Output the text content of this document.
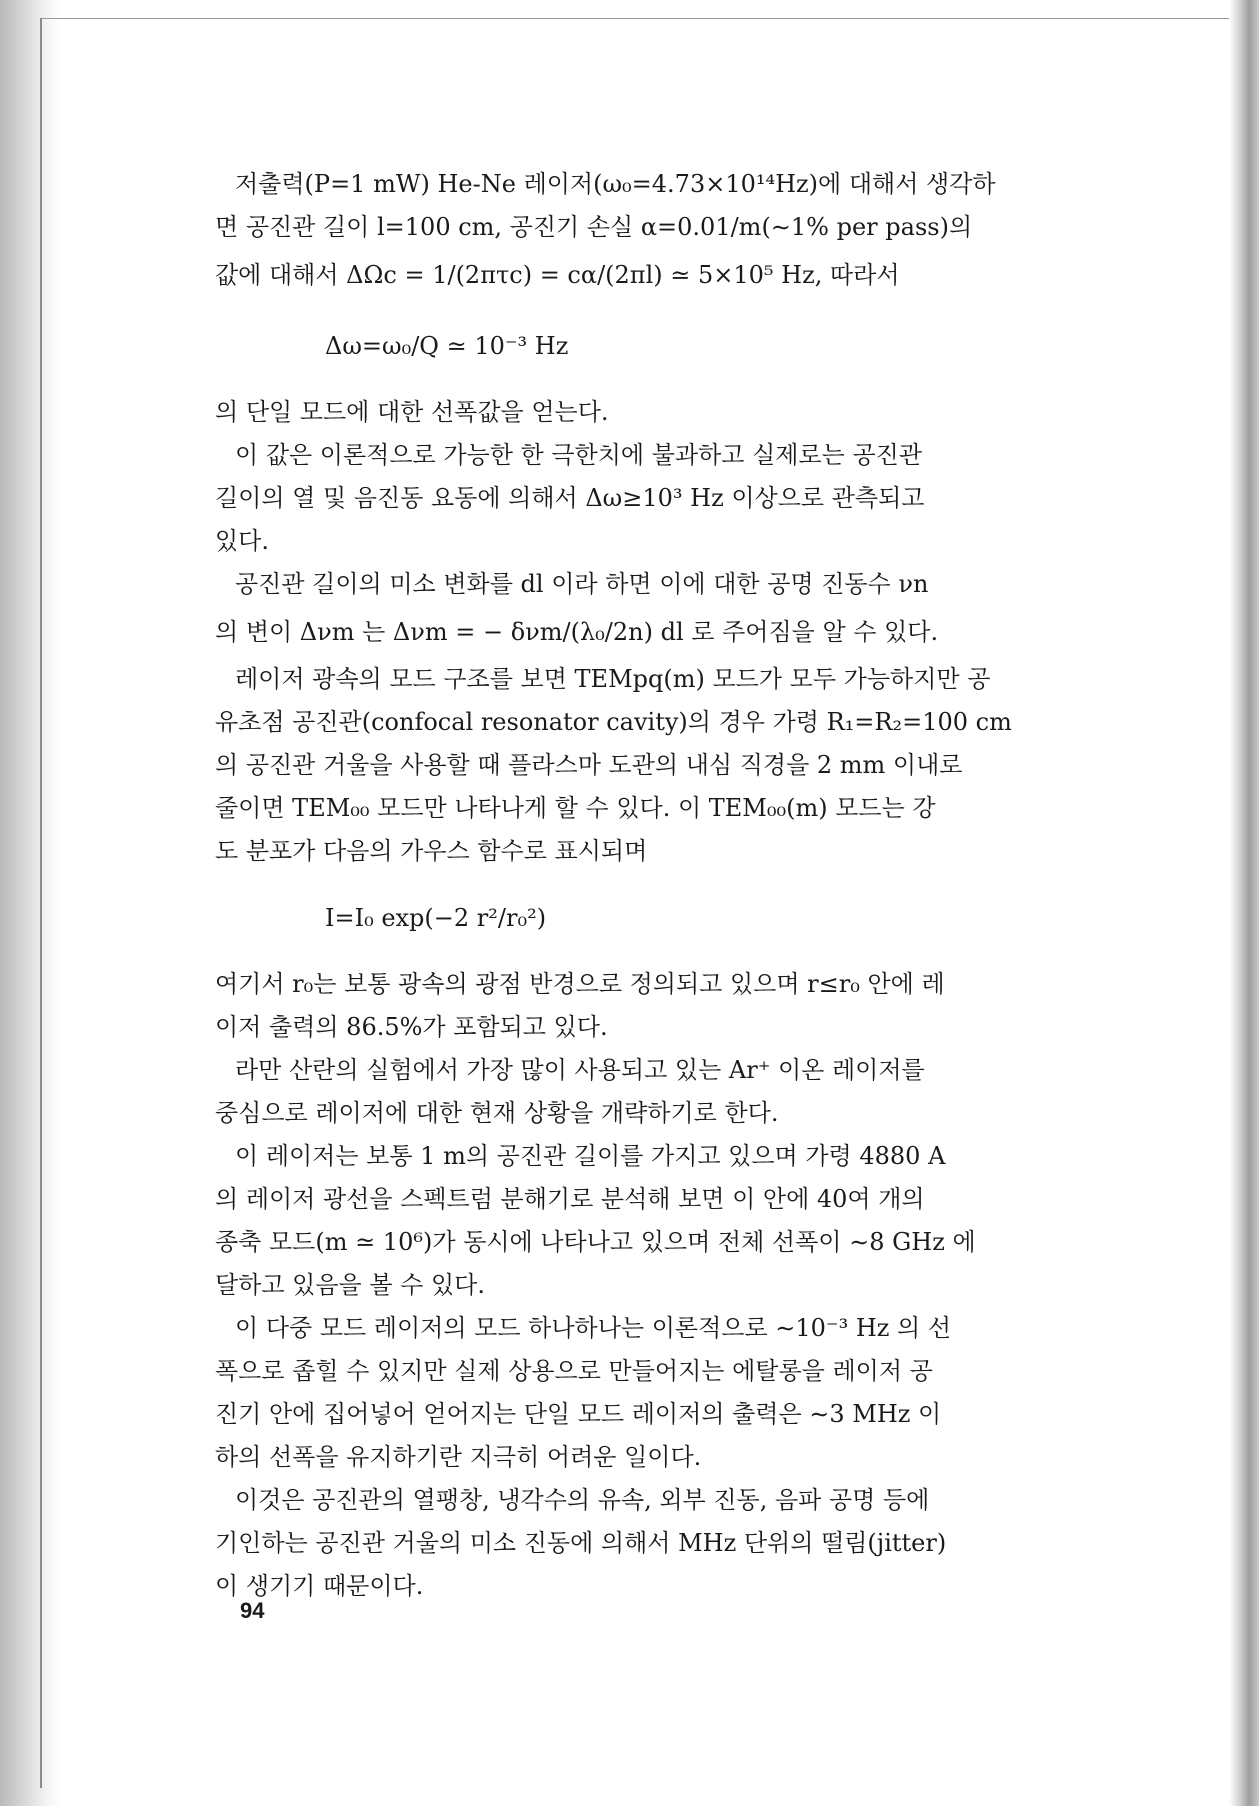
저출력(P=1 mW) He-Ne 레이저(ω₀=4.73×10¹⁴Hz)에 대해서 생각하
면 공진관 길이 l=100 cm, 공진기 손실 α=0.01/m(∼1% per pass)의
값에 대해서 ΔΩc = 1/(2πτc) = cα/(2πl) ≃ 5×10⁵ Hz, 따라서
Δω=ω₀/Q ≃ 10⁻³ Hz
의 단일 모드에 대한 선폭값을 얻는다.
이 값은 이론적으로 가능한 한 극한치에 불과하고 실제로는 공진관
길이의 열 및 음진동 요동에 의해서 Δω≥10³ Hz 이상으로 관측되고
있다.
공진관 길이의 미소 변화를 dl 이라 하면 이에 대한 공명 진동수 νn
의 변이 Δνm 는 Δνm = − δνm/(λ₀/2n) dl 로 주어짐을 알 수 있다.
레이저 광속의 모드 구조를 보면 TEMpq(m) 모드가 모두 가능하지만 공
유초점 공진관(confocal resonator cavity)의 경우 가령 R₁=R₂=100 cm
의 공진관 거울을 사용할 때 플라스마 도관의 내심 직경을 2 mm 이내로
줄이면 TEM₀₀ 모드만 나타나게 할 수 있다. 이 TEM₀₀(m) 모드는 강
도 분포가 다음의 가우스 함수로 표시되며
I=I₀ exp(−2 r²/r₀²)
여기서 r₀는 보통 광속의 광점 반경으로 정의되고 있으며 r≤r₀ 안에 레
이저 출력의 86.5%가 포함되고 있다.
라만 산란의 실험에서 가장 많이 사용되고 있는 Ar⁺ 이온 레이저를
중심으로 레이저에 대한 현재 상황을 개략하기로 한다.
이 레이저는 보통 1 m의 공진관 길이를 가지고 있으며 가령 4880 A
의 레이저 광선을 스펙트럼 분해기로 분석해 보면 이 안에 40여 개의
종축 모드(m ≃ 10⁶)가 동시에 나타나고 있으며 전체 선폭이 ∼8 GHz 에
달하고 있음을 볼 수 있다.
이 다중 모드 레이저의 모드 하나하나는 이론적으로 ∼10⁻³ Hz 의 선
폭으로 좁힐 수 있지만 실제 상용으로 만들어지는 에탈롱을 레이저 공
진기 안에 집어넣어 얻어지는 단일 모드 레이저의 출력은 ∼3 MHz 이
하의 선폭을 유지하기란 지극히 어려운 일이다.
이것은 공진관의 열팽창, 냉각수의 유속, 외부 진동, 음파 공명 등에
기인하는 공진관 거울의 미소 진동에 의해서 MHz 단위의 떨림(jitter)
이 생기기 때문이다.
94
